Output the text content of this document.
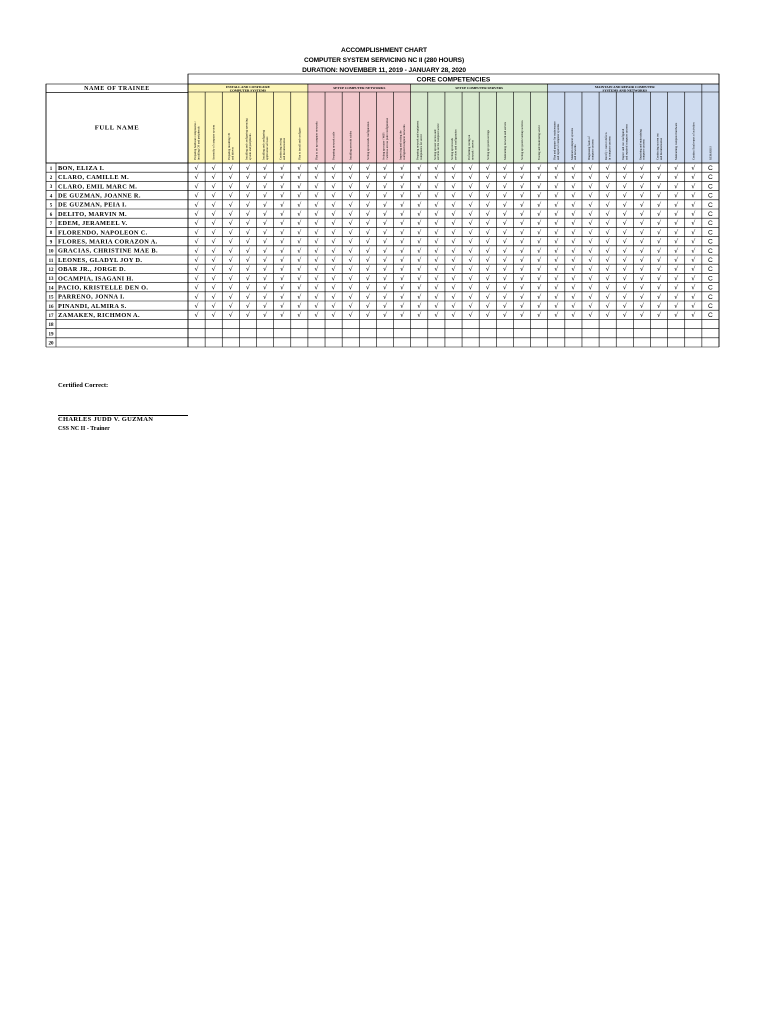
ACCOMPLISHMENT CHART
COMPUTER SYSTEM SERVICING NC II (280 HOURS)
DURATION: NOVEMBER 11, 2019 - JANUARY 28, 2020
CORE COMPETENCIES
INSTALL AND CONFIGURE
COMPUTER SYSTEMS
SETUP COMPUTER NETWORKS	SETUP COMPUTER SERVERS	MAINTAIN AND REPAIR COMPUTER
SYSTEMS AND NETWORKS
Preparing hardware components /installing OS and peripherals	Assembly of computer system	Preparing installing OSand drivers	Installing and configuring operatingsystem and peripherals	Installing and configuringapplication software	Conducting testingand documentation	Plan to install and configure	Plan to set up computer networks	Preparing network cable	Installing network cables	Setting up network configuration	Setting up router / WiFi/ wireless access point configuration	Inspecting and testing theconfigured computer networks	Preparing network and equipmentcomponents for server	Setting up user access andservices on the computer server	Setting up networkservices and configuration	Performing testing onnetwork / servers	Setting up system settings	Maintaining network and servers	Setting up system backup services	Testing and monitoring server	Plan and prepare for maintenanceand repair of computer systems	Maintain computer systemsand networks	Diagnosing faults ofcomputer systems	Rectify / correct defectsin computer systems	Inspect and test configuredand repaired computer systems	Repairing and maintainingcomputer systems	Conducting system testand documentation	Maintaining computer hardware	Conduct final report of activities	REMARKS
NAME OF TRAINEE
FULL NAME
1 BON, ELIZA I.	√ √ √ √ √ √ √ √ √ √ √ √ √ √ √ √ √ √ √ √ √ √ √ √ √ √ √ √ √ √ C
2 CLARO, CAMILLE M.	√ √ √ √ √ √ √ √ √ √ √ √ √ √ √ √ √ √ √ √ √ √ √ √ √ √ √ √ √ √ C
3 CLARO, EMIL MARC M.	√ √ √ √ √ √ √ √ √ √ √ √ √ √ √ √ √ √ √ √ √ √ √ √ √ √ √ √ √ √ C
4 DE GUZMAN, JOANNE R.	√ √ √ √ √ √ √ √ √ √ √ √ √ √ √ √ √ √ √ √ √ √ √ √ √ √ √ √ √ √ C
5 DE GUZMAN, PEIA I.	√ √ √ √ √ √ √ √ √ √ √ √ √ √ √ √ √ √ √ √ √ √ √ √ √ √ √ √ √ √ C
6 DELITO, MARVIN M.	√ √ √ √ √ √ √ √ √ √ √ √ √ √ √ √ √ √ √ √ √ √ √ √ √ √ √ √ √ √ C
7 EDEM, JERAMEEL V.	√ √ √ √ √ √ √ √ √ √ √ √ √ √ √ √ √ √ √ √ √ √ √ √ √ √ √ √ √ √ C
8 FLORENDO, NAPOLEON C.	√ √ √ √ √ √ √ √ √ √ √ √ √ √ √ √ √ √ √ √ √ √ √ √ √ √ √ √ √ √ C
9 FLORES, MARIA CORAZON A.	√ √ √ √ √ √ √ √ √ √ √ √ √ √ √ √ √ √ √ √ √ √ √ √ √ √ √ √ √ √ C
10 GRACIAS, CHRISTINE MAE B.	√ √ √ √ √ √ √ √ √ √ √ √ √ √ √ √ √ √ √ √ √ √ √ √ √ √ √ √ √ √ C
11 LEONES, GLADYL JOY D.	√ √ √ √ √ √ √ √ √ √ √ √ √ √ √ √ √ √ √ √ √ √ √ √ √ √ √ √ √ √ C
12 OBAR JR., JORGE D.	√ √ √ √ √ √ √ √ √ √ √ √ √ √ √ √ √ √ √ √ √ √ √ √ √ √ √ √ √ √ C
13 OCAMPIA, ISAGANI H.	√ √ √ √ √ √ √ √ √ √ √ √ √ √ √ √ √ √ √ √ √ √ √ √ √ √ √ √ √ √ C
14 PACIO, KRISTELLE DEN O.	√ √ √ √ √ √ √ √ √ √ √ √ √ √ √ √ √ √ √ √ √ √ √ √ √ √ √ √ √ √ C
15 PARRENO, JONNA I.	√ √ √ √ √ √ √ √ √ √ √ √ √ √ √ √ √ √ √ √ √ √ √ √ √ √ √ √ √ √ C
16 PINANDI, ALMIRA S.	√ √ √ √ √ √ √ √ √ √ √ √ √ √ √ √ √ √ √ √ √ √ √ √ √ √ √ √ √ √ C
17 ZAMAKEN, RICHMON A.	√ √ √ √ √ √ √ √ √ √ √ √ √ √ √ √ √ √ √ √ √ √ √ √ √ √ √ √ √ √ C
18
19
20
Certified Correct:
CHARLES JUDD V. GUZMAN
CSS NC II - Trainer
